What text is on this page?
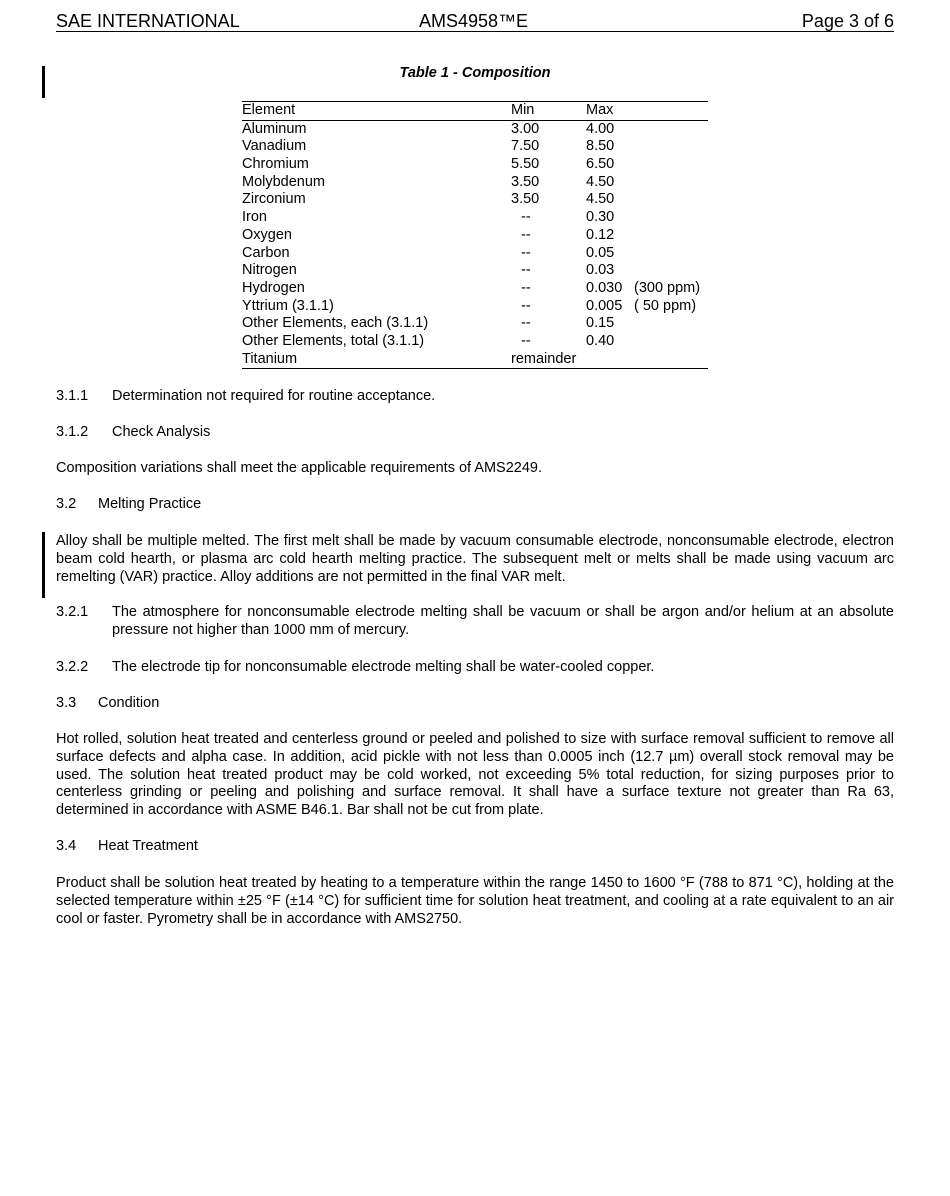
SAE INTERNATIONAL	AMS4958™E	Page 3 of 6
Table 1 - Composition
Element	Min	Max
Aluminum	3.00	4.00
Vanadium	7.50	8.50
Chromium	5.50	6.50
Molybdenum	3.50	4.50
Zirconium	3.50	4.50
Iron	--	0.30
Oxygen	--	0.12
Carbon	--	0.05
Nitrogen	--	0.03
Hydrogen	--	0.030 (300 ppm)
Yttrium (3.1.1)	--	0.005 ( 50 ppm)
Other Elements, each (3.1.1)	--	0.15
Other Elements, total (3.1.1)	--	0.40
Titanium	remainder
3.1.1 Determination not required for routine acceptance.
3.1.2 Check Analysis

Composition variations shall meet the applicable requirements of AMS2249.

3.2 Melting Practice

Alloy shall be multiple melted. The first melt shall be made by vacuum consumable electrode, nonconsumable electrode, electron beam cold hearth, or plasma arc cold hearth melting practice. The subsequent melt or melts shall be made using vacuum arc remelting (VAR) practice. Alloy additions are not permitted in the final VAR melt.

3.2.1 The atmosphere for nonconsumable electrode melting shall be vacuum or shall be argon and/or helium at an absolute pressure not higher than 1000 mm of mercury.

3.2.2 The electrode tip for nonconsumable electrode melting shall be water-cooled copper.

3.3 Condition

Hot rolled, solution heat treated and centerless ground or peeled and polished to size with surface removal sufficient to remove all surface defects and alpha case. In addition, acid pickle with not less than 0.0005 inch (12.7 µm) overall stock removal may be used. The solution heat treated product may be cold worked, not exceeding 5% total reduction, for sizing purposes prior to centerless grinding or peeling and polishing and surface removal. It shall have a surface texture not greater than Ra 63, determined in accordance with ASME B46.1. Bar shall not be cut from plate.

3.4 Heat Treatment

Product shall be solution heat treated by heating to a temperature within the range 1450 to 1600 °F (788 to 871 °C), holding at the selected temperature within ±25 °F (±14 °C) for sufficient time for solution heat treatment, and cooling at a rate equivalent to an air cool or faster. Pyrometry shall be in accordance with AMS2750.
